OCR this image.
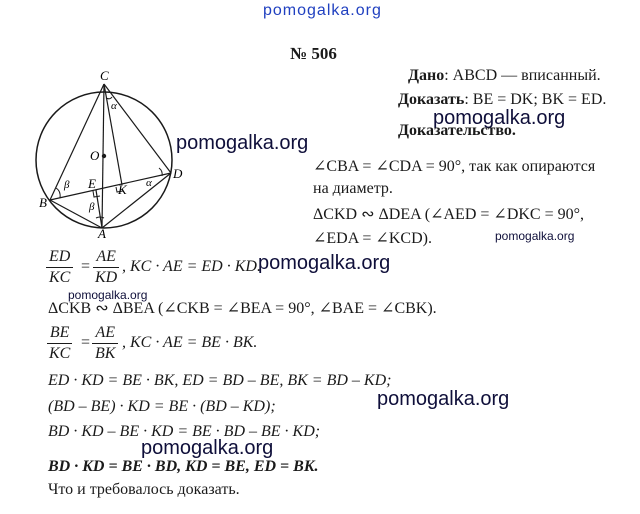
pomogalka.org
pomogalka.org
pomogalka.org
pomogalka.org
pomogalka.org
pomogalka.org
pomogalka.org
pomogalka.org
№ 506
Дано: ABCD — вписанный.
Доказать: BE = DK; BK = ED.
Доказательство.
C
O
E K
D
B
A
α
α
β
β
∠CBA = ∠CDA = 90°, так как опираются
на диаметр.
ΔCKD ∾ ΔDEA (∠AED = ∠DKC = 90°,
∠EDA = ∠KCD).
$\frac{ED}{KC} = \frac{AE}{KD}$ , KC · AE = ED · KD.
ΔCKB ∾ ΔBEA (∠CKB = ∠BEA = 90°, ∠BAE = ∠CBK).
$\frac{BE}{KC} = \frac{AE}{BK}$ , KC · AE = BE · BK.
ED · KD = BE · BK, ED = BD – BE, BK = BD – KD;
(BD – BE) · KD = BE · (BD – KD);
BD · KD – BE · KD = BE · BD – BE · KD;
BD · KD = BE · BD, KD = BE, ED = BK.
Что и требовалось доказать.
